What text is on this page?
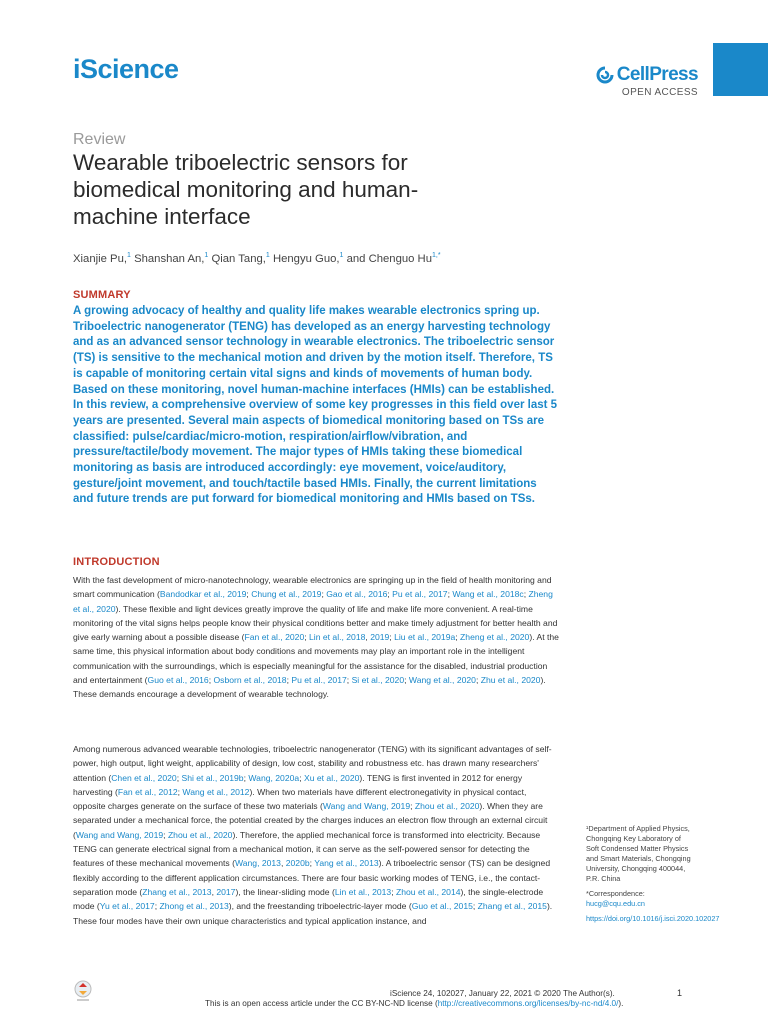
iScience	CellPress
OPEN ACCESS
Review
Wearable triboelectric sensors for biomedical monitoring and human-machine interface
Xianjie Pu,$^1$ Shanshan An,$^1$ Qian Tang,$^1$ Hengyu Guo,$^1$ and Chenguo $Hu^{1,*}$
SUMMARY

A growing advocacy of healthy and quality life makes wearable electronics spring up. Triboelectric nanogenerator (TENG) has developed as an energy harvesting technology and as an advanced sensor technology in wearable electronics. The triboelectric sensor (TS) is sensitive to the mechanical motion and driven by the motion itself. Therefore, TS is capable of monitoring certain vital signs and kinds of movements of human body. Based on these monitoring, novel human-machine interfaces (HMIs) can be established. In this review, a comprehensive overview of some key progresses in this field over last 5 years are presented. Several main aspects of biomedical monitoring based on TSs are classified: pulse/cardiac/micro-motion, respiration/airflow/vibration, and pressure/tactile/body movement. The major types of HMIs taking these biomedical monitoring as basis are introduced accordingly: eye movement, voice/auditory, gesture/joint movement, and touch/tactile based HMIs. Finally, the current limitations and future trends are put forward for biomedical monitoring and HMIs based on TSs.

INTRODUCTION

With the fast development of micro-nanotechnology, wearable electronics are springing up in the field of health monitoring and smart communication (Bandodkar et al., 2019; Chung et al., 2019; Gao et al., 2016; Pu et al., 2017; Wang et al., 2018c; Zheng et al., 2020). These flexible and light devices greatly improve the quality of life and make life more convenient. A real-time monitoring of the vital signs helps people know their physical conditions better and make timely adjustment for better health and give early warning about a possible disease (Fan et al., 2020; Lin et al., 2018, 2019; Liu et al., 2019a; Zheng et al., 2020). At the same time, this physical information about body conditions and movements may play an important role in the intelligent communication with the surroundings, which is especially meaningful for the assistance for the disabled, industrial production and entertainment (Guo et al., 2016; Osborn et al., 2018; Pu et al., 2017; Si et al., 2020; Wang et al., 2020; Zhu et al., 2020). These demands encourage a development of wearable technology.

Among numerous advanced wearable technologies, triboelectric nanogenerator (TENG) with its significant advantages of self-power, high output, light weight, applicability of design, low cost, stability and robustness etc. has drawn many researchers' attention (Chen et al., 2020; Shi et al., 2019b; Wang, 2020a; Xu et al., 2020). TENG is first invented in 2012 for energy harvesting (Fan et al., 2012; Wang et al., 2012). When two materials have different electronegativity in physical contact, opposite charges generate on the surface of these two materials (Wang and Wang, 2019; Zhou et al., 2020). When they are separated under a mechanical force, the potential created by the charges induces an electron flow through an external circuit (Wang and Wang, 2019; Zhou et al., 2020). Therefore, the applied mechanical force is transformed into electricity. Because TENG can generate electrical signal from a mechanical motion, it can serve as the self-powered sensor for detecting the features of these mechanical movements (Wang, 2013, 2020b; Yang et al., 2013). A triboelectric sensor (TS) can be designed flexibly according to the different application circumstances. There are four basic working modes of TENG, i.e., the contact-separation mode (Zhang et al., 2013, 2017), the linear-sliding mode (Lin et al., 2013; Zhou et al., 2014), the single-electrode mode (Yu et al., 2017; Zhong et al., 2013), and the freestanding triboelectric-layer mode (Guo et al., 2015; Zhang et al., 2015). These four modes have their own unique characteristics and typical application instance, and

¹Department of Applied Physics, Chongqing Key Laboratory of Soft Condensed Matter Physics and Smart Materials, Chongqing University, Chongqing 400044, P.R. China
*Correspondence:
hucg@cqu.edu.cn
https://doi.org/10.1016/j.isci.2020.102027
iScience 24, 102027, January 22, 2021 © 2020 The Author(s).	1
This is an open access article under the CC BY-NC-ND license (http://creativecommons.org/licenses/by-nc-nd/4.0/).
